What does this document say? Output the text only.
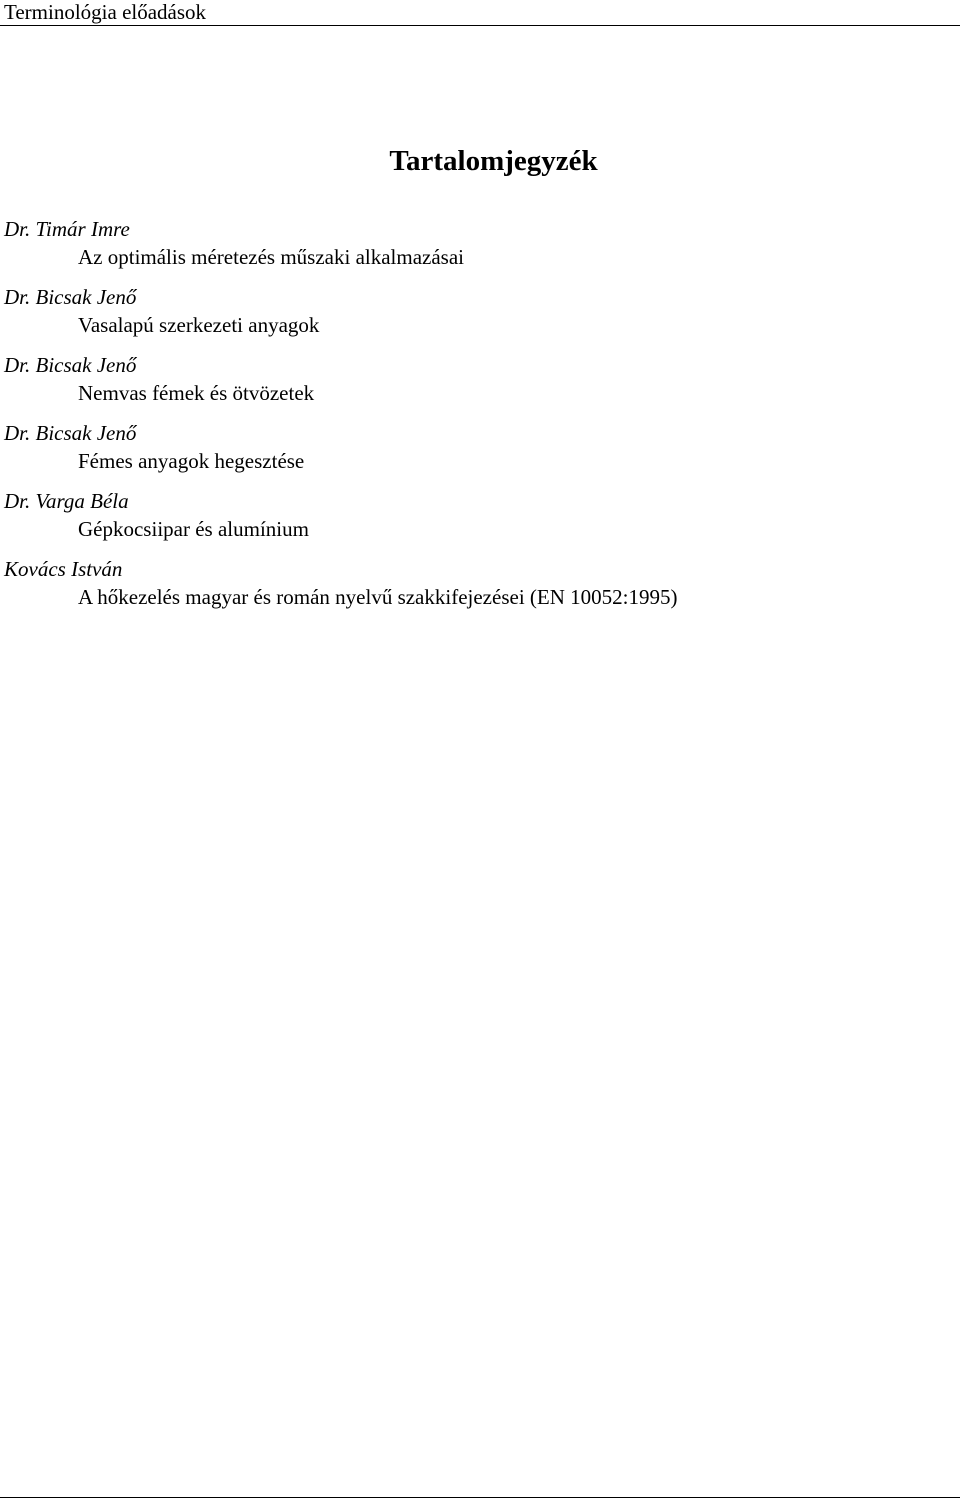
Terminológia előadások
Tartalomjegyzék
Dr. Timár Imre
Az optimális méretezés műszaki alkalmazásai
Dr. Bicsak Jenő
Vasalapú szerkezeti anyagok
Dr. Bicsak Jenő
Nemvas fémek és ötvözetek
Dr. Bicsak Jenő
Fémes anyagok hegesztése
Dr. Varga Béla
Gépkocsiipar és alumínium
Kovács István
A hőkezelés magyar és román nyelvű szakkifejezései (EN 10052:1995)
